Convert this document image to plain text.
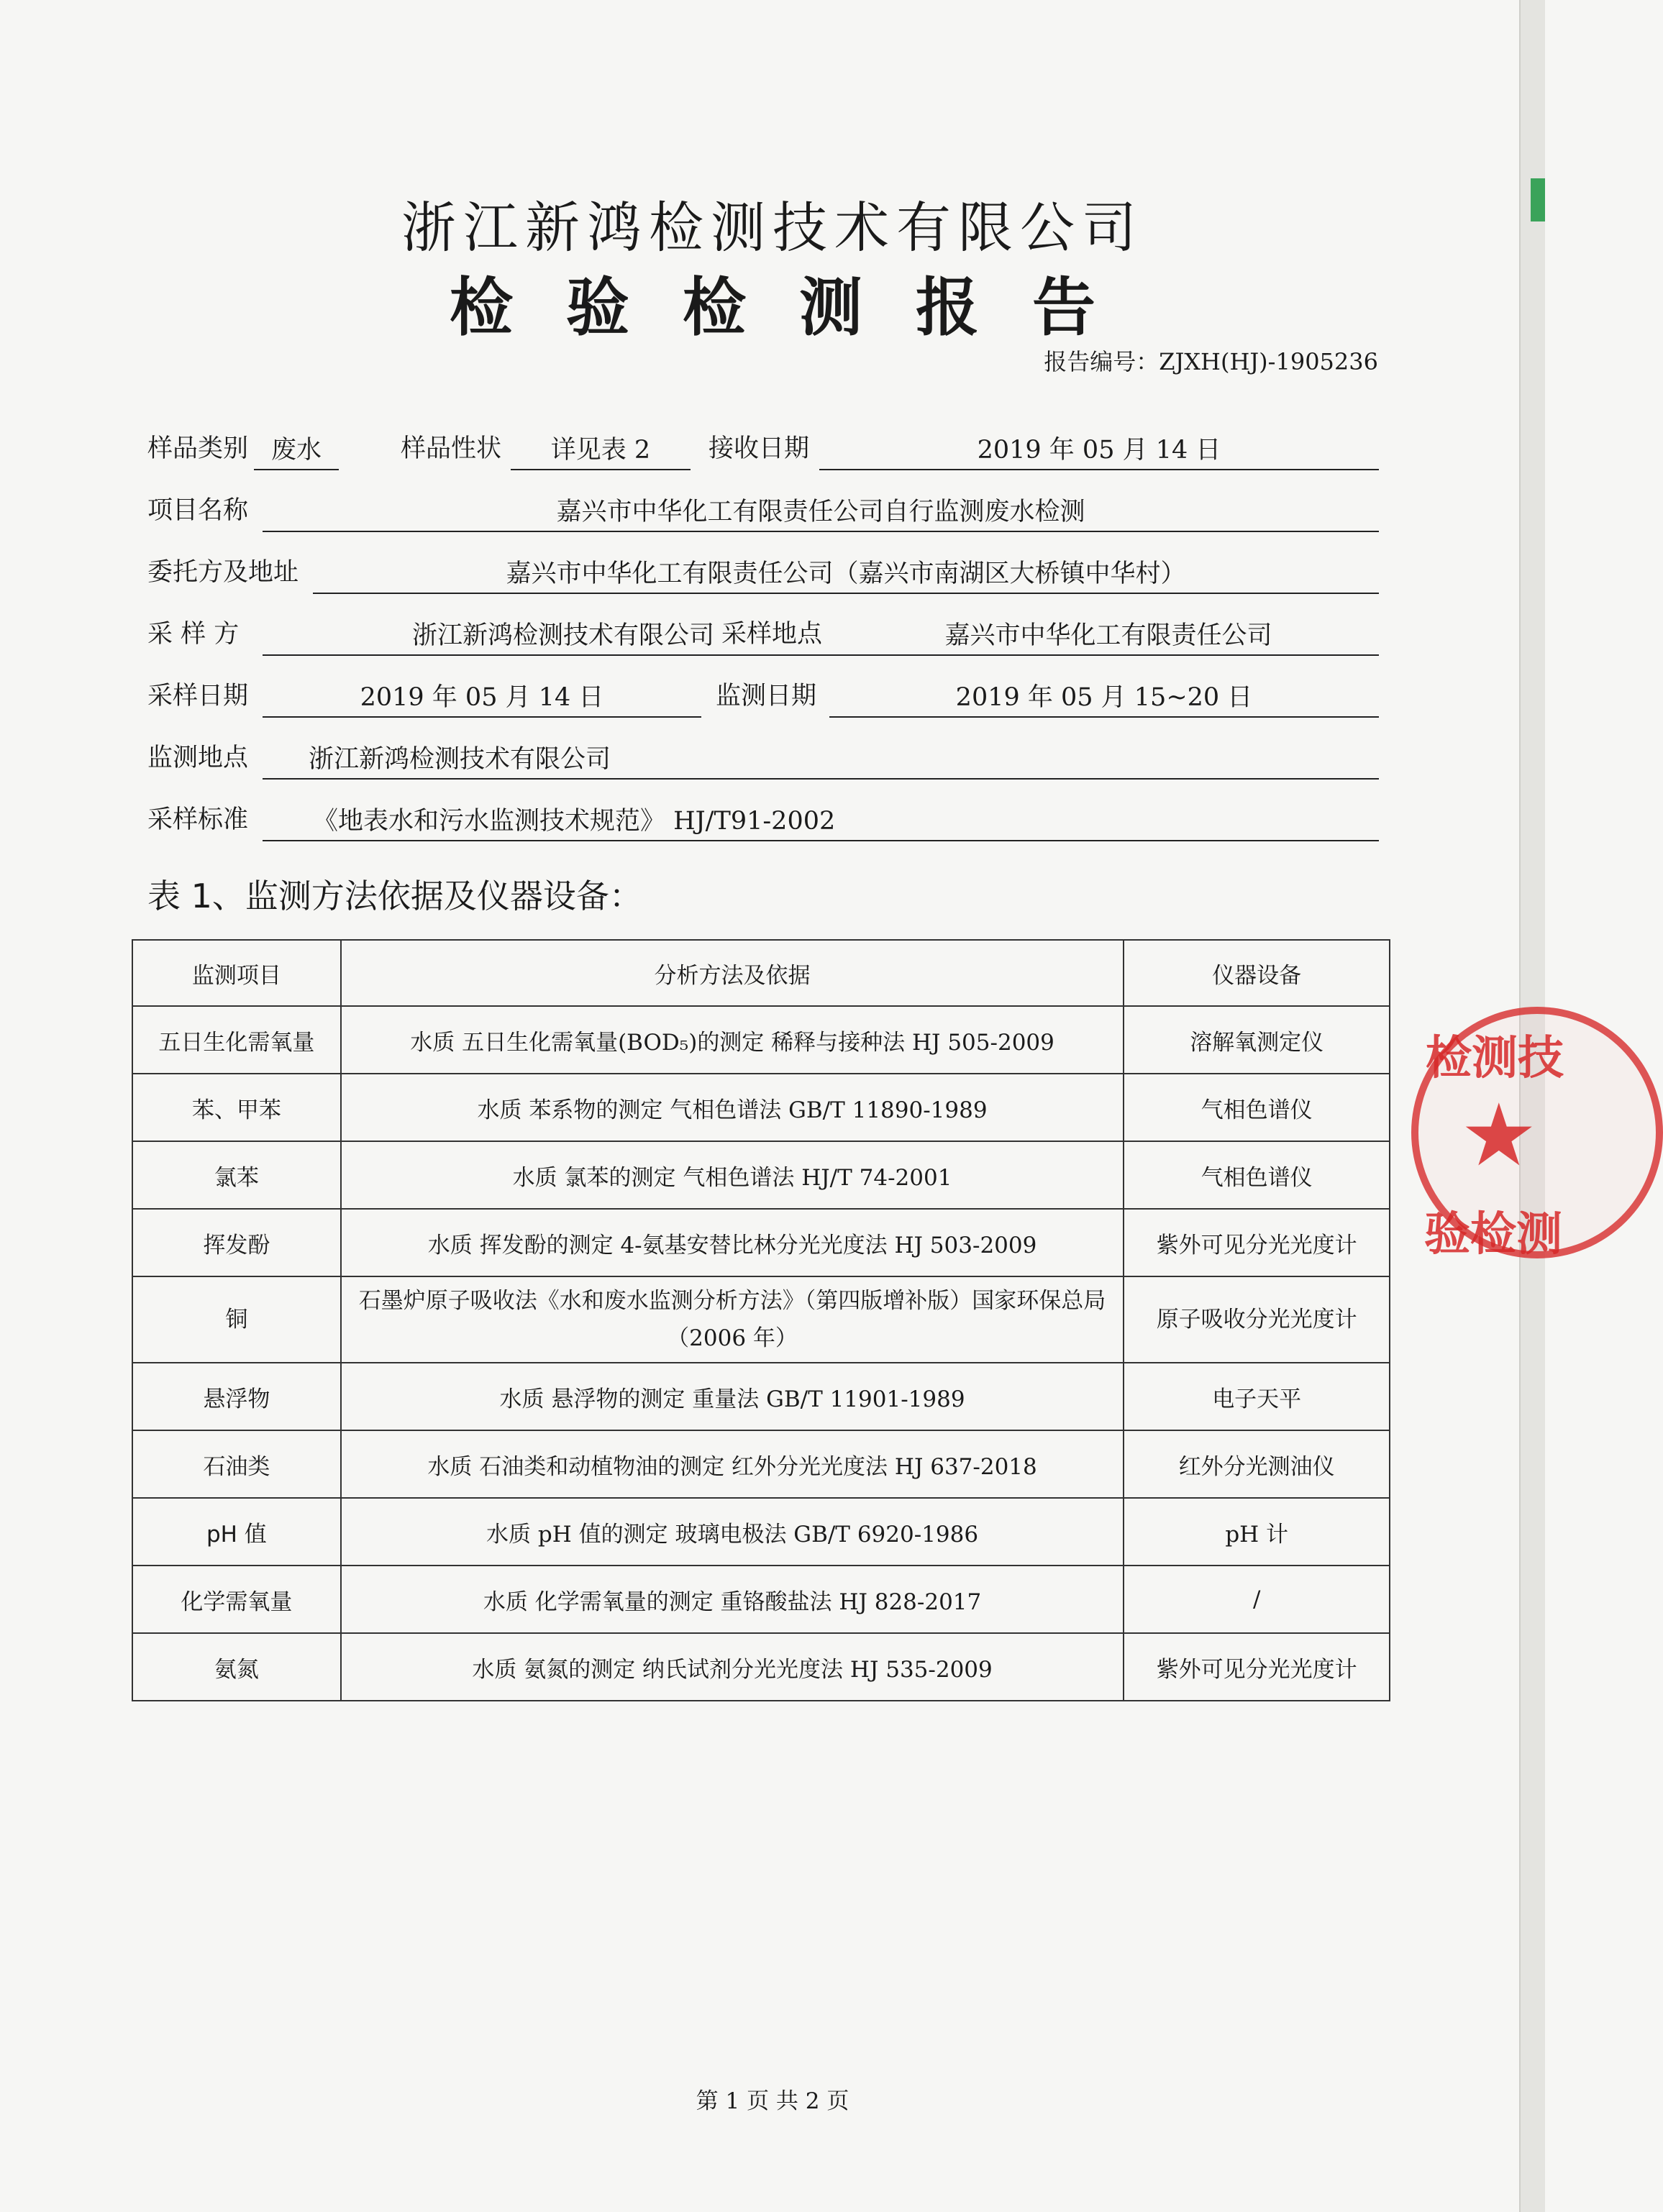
浙江新鸿检测技术有限公司
检验检测报告
报告编号：ZJXH(HJ)-1905236
样品类别 废水	样品性状	详见表 2	接收日期	2019 年 05 月 14 日
项目名称	嘉兴市中华化工有限责任公司自行监测废水检测
委托方及地址	嘉兴市中华化工有限责任公司（嘉兴市南湖区大桥镇中华村）
采 样 方	浙江新鸿检测技术有限公司 采样地点	嘉兴市中华化工有限责任公司
采样日期	2019 年 05 月 14 日	监测日期	2019 年 05 月 15~20 日
监测地点	浙江新鸿检测技术有限公司
采样标准	《地表水和污水监测技术规范》 HJ/T91-2002
表 1、监测方法依据及仪器设备：
监测项目	分析方法及依据	仪器设备
五日生化需氧量	水质 五日生化需氧量(BOD₅)的测定 稀释与接种法 HJ 505-2009	溶解氧测定仪
苯、甲苯	水质 苯系物的测定 气相色谱法 GB/T 11890-1989	气相色谱仪
氯苯	水质 氯苯的测定 气相色谱法 HJ/T 74-2001	气相色谱仪
挥发酚	水质 挥发酚的测定 4-氨基安替比林分光光度法 HJ 503-2009	紫外可见分光光度计
铜	石墨炉原子吸收法《水和废水监测分析方法》（第四版增补版）国家环保总局（2006 年）	原子吸收分光光度计
悬浮物	水质 悬浮物的测定 重量法 GB/T 11901-1989	电子天平
石油类	水质 石油类和动植物油的测定 红外分光光度法 HJ 637-2018	红外分光测油仪
pH 值	水质 pH 值的测定 玻璃电极法 GB/T 6920-1986	pH 计
化学需氧量	水质 化学需氧量的测定 重铬酸盐法 HJ 828-2017	/
氨氮	水质 氨氮的测定 纳氏试剂分光光度法 HJ 535-2009	紫外可见分光光度计
检测技
★
验检测
第 1 页 共 2 页
